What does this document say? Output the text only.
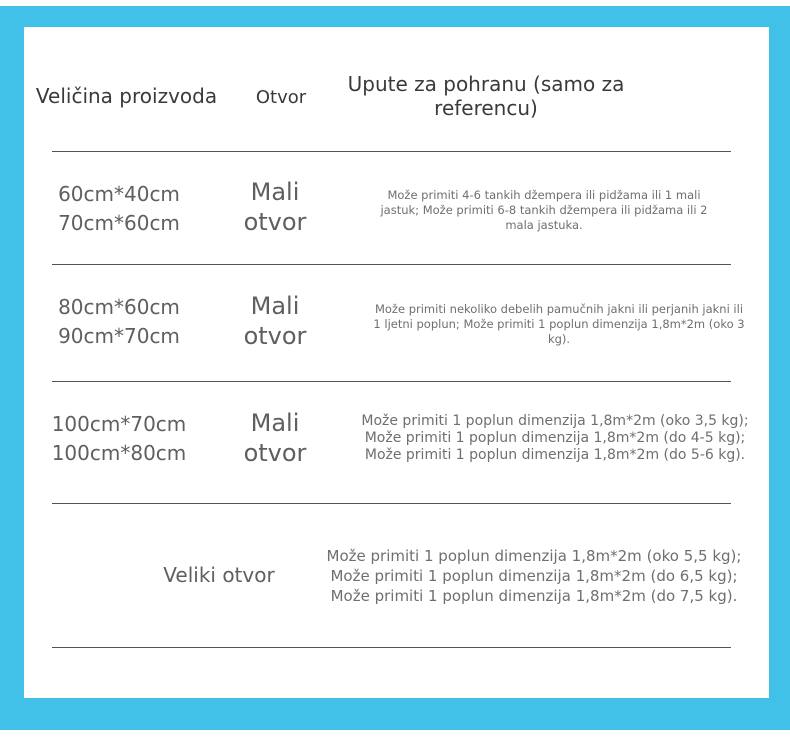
Veličina proizvoda	Otvor
Upute za pohranu (samo za
referencu)
60cm*40cm
70cm*60cm
Mali
otvor
Može primiti 4-6 tankih džempera ili pidžama ili 1 mali
jastuk; Može primiti 6-8 tankih džempera ili pidžama ili 2
mala jastuka.
80cm*60cm
90cm*70cm
Mali
otvor
Može primiti nekoliko debelih pamučnih jakni ili perjanih jakni ili
1 ljetni poplun; Može primiti 1 poplun dimenzija 1,8m*2m (oko 3
kg).
100cm*70cm
100cm*80cm
Mali
otvor
Može primiti 1 poplun dimenzija 1,8m*2m (oko 3,5 kg);
Može primiti 1 poplun dimenzija 1,8m*2m (do 4-5 kg);
Može primiti 1 poplun dimenzija 1,8m*2m (do 5-6 kg).
Veliki otvor
Može primiti 1 poplun dimenzija 1,8m*2m (oko 5,5 kg);
Može primiti 1 poplun dimenzija 1,8m*2m (do 6,5 kg);
Može primiti 1 poplun dimenzija 1,8m*2m (do 7,5 kg).
